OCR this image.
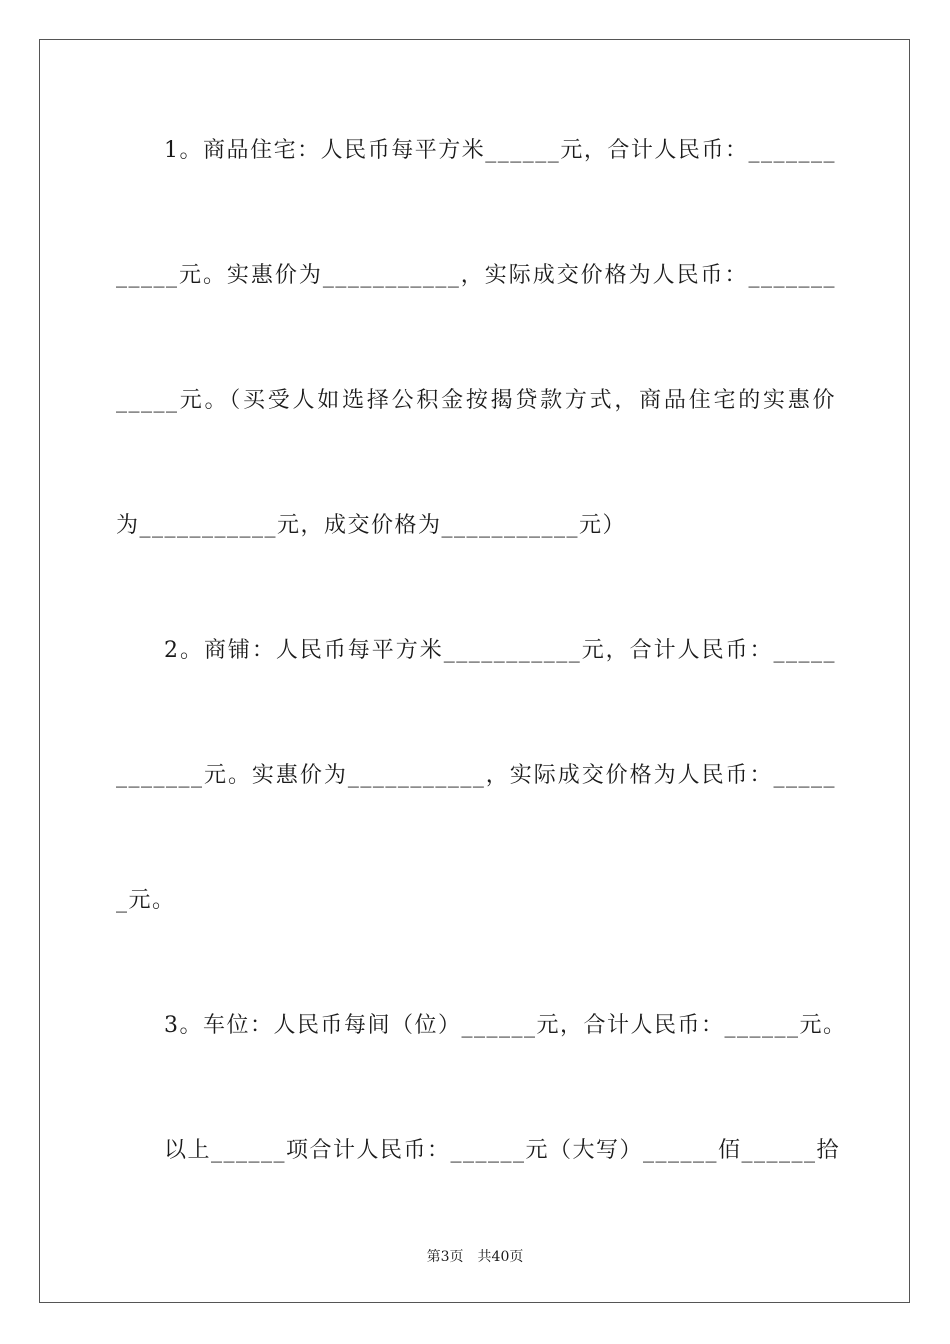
1。商品住宅：人民币每平方米______元，合计人民币：_______
_____元。实惠价为___________，实际成交价格为人民币：_______
_____元。（买受人如选择公积金按揭贷款方式，商品住宅的实惠价
为___________元，成交价格为___________元）
2。商铺：人民币每平方米___________元，合计人民币：_____
_______元。实惠价为___________，实际成交价格为人民币：_____
_元。
3。车位：人民币每间（位）______元，合计人民币：______元。
以上______项合计人民币：______元（大写）______佰______拾
第3页　共40页
